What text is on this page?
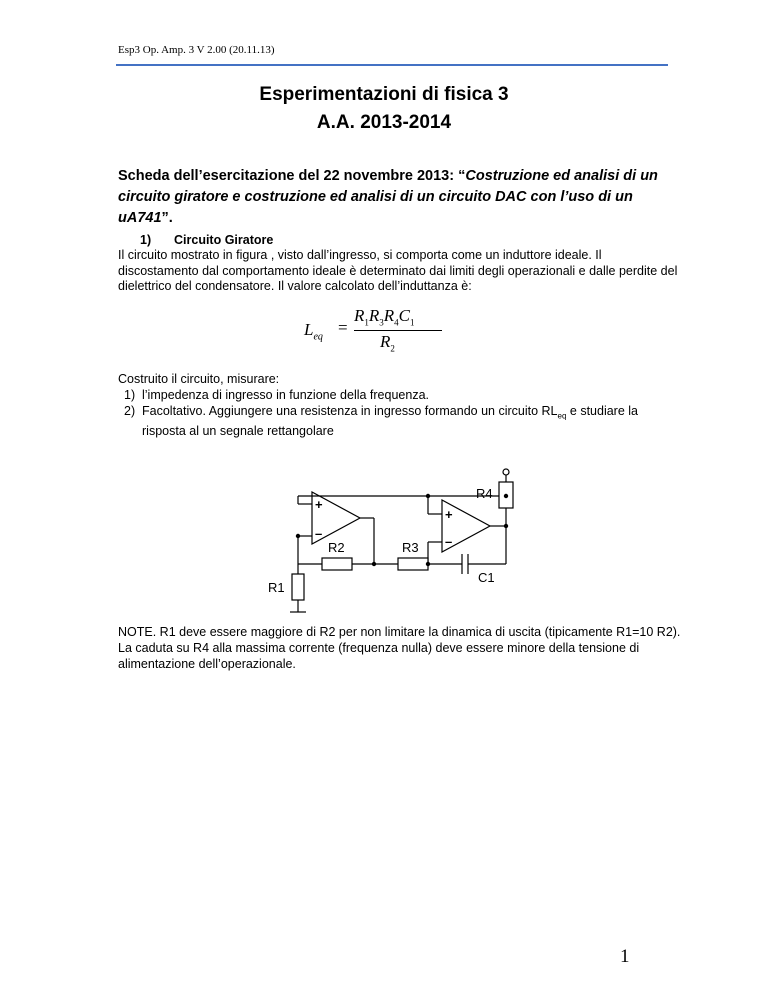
Esp3 Op. Amp. 3 V 2.00 (20.11.13)
Esperimentazioni di fisica 3
A.A. 2013-2014
Scheda dell’esercitazione del 22 novembre 2013: “Costruzione ed analisi di un circuito giratore e costruzione ed analisi di un circuito DAC con l’uso di un uA741”.
1) Circuito Giratore
Il circuito mostrato in figura , visto dall’ingresso, si comporta come un induttore ideale. Il discostamento dal comportamento ideale è determinato dai limiti degli operazionali e dalle perdite del dielettrico del condensatore. Il valore calcolato dell’induttanza è:
$L_{eq}$ =
$R_1R_3R_4C_1$
$R_2$
Costruito il circuito, misurare:
1) l’impedenza di ingresso in funzione della frequenza.
2) Facoltativo. Aggiungere una resistenza in ingresso formando un circuito $RL_{eq}$ e studiare la risposta al un segnale rettangolare
+
–
+
–
R2	R3
R4
C1
R1
NOTE. R1 deve essere maggiore di R2 per non limitare la dinamica di uscita (tipicamente R1=10 R2). La caduta su R4 alla massima corrente (frequenza nulla) deve essere minore della tensione di alimentazione dell’operazionale.
1
